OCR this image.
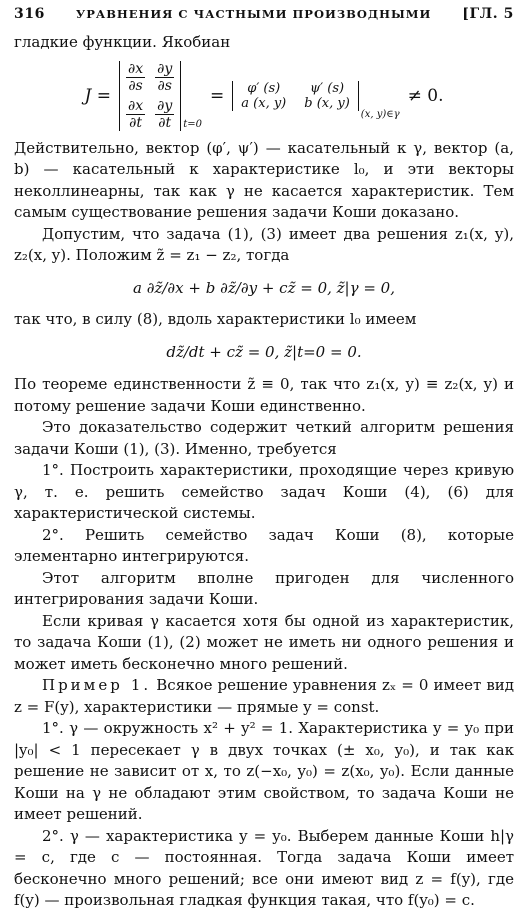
316	УРАВНЕНИЯ С ЧАСТНЫМИ ПРОИЗВОДНЫМИ [ГЛ. 5

гладкие функции. Якобиан

J =
$\frac{\partial x}{\partial s} \frac{\partial y}{\partial s}$
$\frac{\partial x}{\partial t} \frac{\partial y}{\partial t} t=0$
=	φ′ (s)	ψ′ (s)
a (x, y) b (x, y)
(x, y)∈γ
≠ 0.

Действительно, вектор (φ′, ψ′) — касательный к γ, вектор (a, b) — касательный к характеристике l₀, и эти векторы неколлинеарны, так как γ не касается характеристик. Тем самым существование решения задачи Коши доказано.

Допустим, что задача (1), (3) имеет два решения z₁(x, y), z₂(x, y). Положим z̃ = z₁ − z₂, тогда

a ∂z̃/∂x + b ∂z̃/∂y + cz̃ = 0, z̃|γ = 0,

так что, в силу (8), вдоль характеристики l₀ имеем

dz̃/dt + cz̃ = 0, z̃|t=0 = 0.

По теореме единственности z̃ ≡ 0, так что z₁(x, y) ≡ z₂(x, y) и потому решение задачи Коши единственно.

Это доказательство содержит четкий алгоритм решения задачи Коши (1), (3). Именно, требуется

1°. Построить характеристики, проходящие через кривую γ, т. е. решить семейство задач Коши (4), (6) для характеристической системы.

2°. Решить семейство задач Коши (8), которые элементарно интегрируются.

Этот алгоритм вполне пригоден для численного интегрирования задачи Коши.

Если кривая γ касается хотя бы одной из характеристик, то задача Коши (1), (2) может не иметь ни одного решения и может иметь бесконечно много решений.

Пример 1. Всякое решение уравнения zₓ = 0 имеет вид z = F(y), характеристики — прямые y = const.

1°. γ — окружность x² + y² = 1. Характеристика y = y₀ при |y₀| < 1 пересекает γ в двух точках (± x₀, y₀), и так как решение не зависит от x, то z(−x₀, y₀) = z(x₀, y₀). Если данные Коши на γ не обладают этим свойством, то задача Коши не имеет решений.

2°. γ — характеристика y = y₀. Выберем данные Коши h|γ = c, где c — постоянная. Тогда задача Коши имеет бесконечно много решений; все они имеют вид z = f(y), где f(y) — произвольная гладкая функция такая, что f(y₀) = c.
